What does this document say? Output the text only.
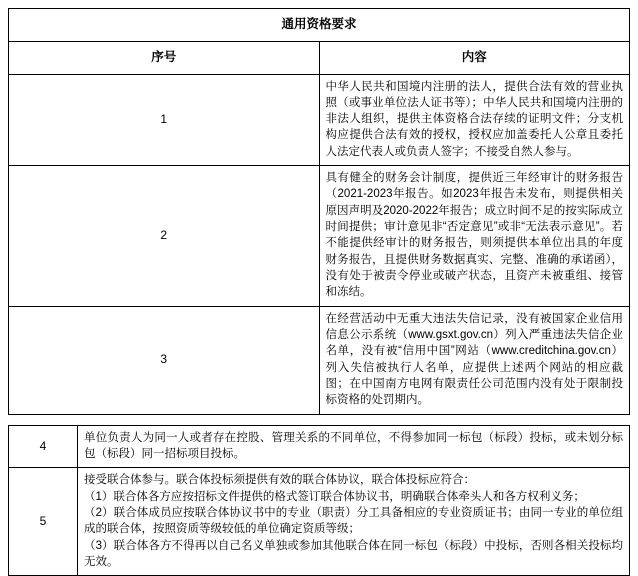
通用资格要求	
序号	内容
1	中华人民共和国境内注册的法人，提供合法有效的营业执照（或事业单位法人证书等）；中华人民共和国境内注册的非法人组织，提供主体资格合法存续的证明文件；分支机构应提供合法有效的授权，授权应加盖委托人公章且委托人法定代表人或负责人签字；不接受自然人参与。

2	具有健全的财务会计制度，提供近三年经审计的财务报告（2021-2023年报告。如2023年报告未发布，则提供相关原因声明及2020-2022年报告；成立时间不足的按实际成立时间提供；审计意见非“否定意见”或非“无法表示意见”。若不能提供经审计的财务报告，则须提供本单位出具的年度财务报告，且提供财务数据真实、完整、准确的承诺函），没有处于被责令停业或破产状态，且资产未被重组、接管和冻结。

3	在经营活动中无重大违法失信记录，没有被国家企业信用信息公示系统（www.gsxt.gov.cn）列入严重违法失信企业名单，没有被“信用中国”网站（www.creditchina.gov.cn）列入失信被执行人名单，应提供上述两个网站的相应截图；在中国南方电网有限责任公司范围内没有处于限制投标资格的处罚期内。

4	单位负责人为同一人或者存在控股、管理关系的不同单位，不得参加同一标包（标段）投标，或未划分标包（标段）同一招标项目投标。

5	接受联合体参与。联合体投标须提供有效的联合体协议，联合体投标应符合：

（1）联合体各方应按招标文件提供的格式签订联合体协议书，明确联合体牵头人和各方权利义务；

（2）联合体成员应按联合体协议书中的专业（职责）分工具备相应的专业资质证书；由同一专业的单位组成的联合体，按照资质等级较低的单位确定资质等级；

（3）联合体各方不得再以自己名义单独或参加其他联合体在同一标包（标段）中投标，否则各相关投标均无效。
